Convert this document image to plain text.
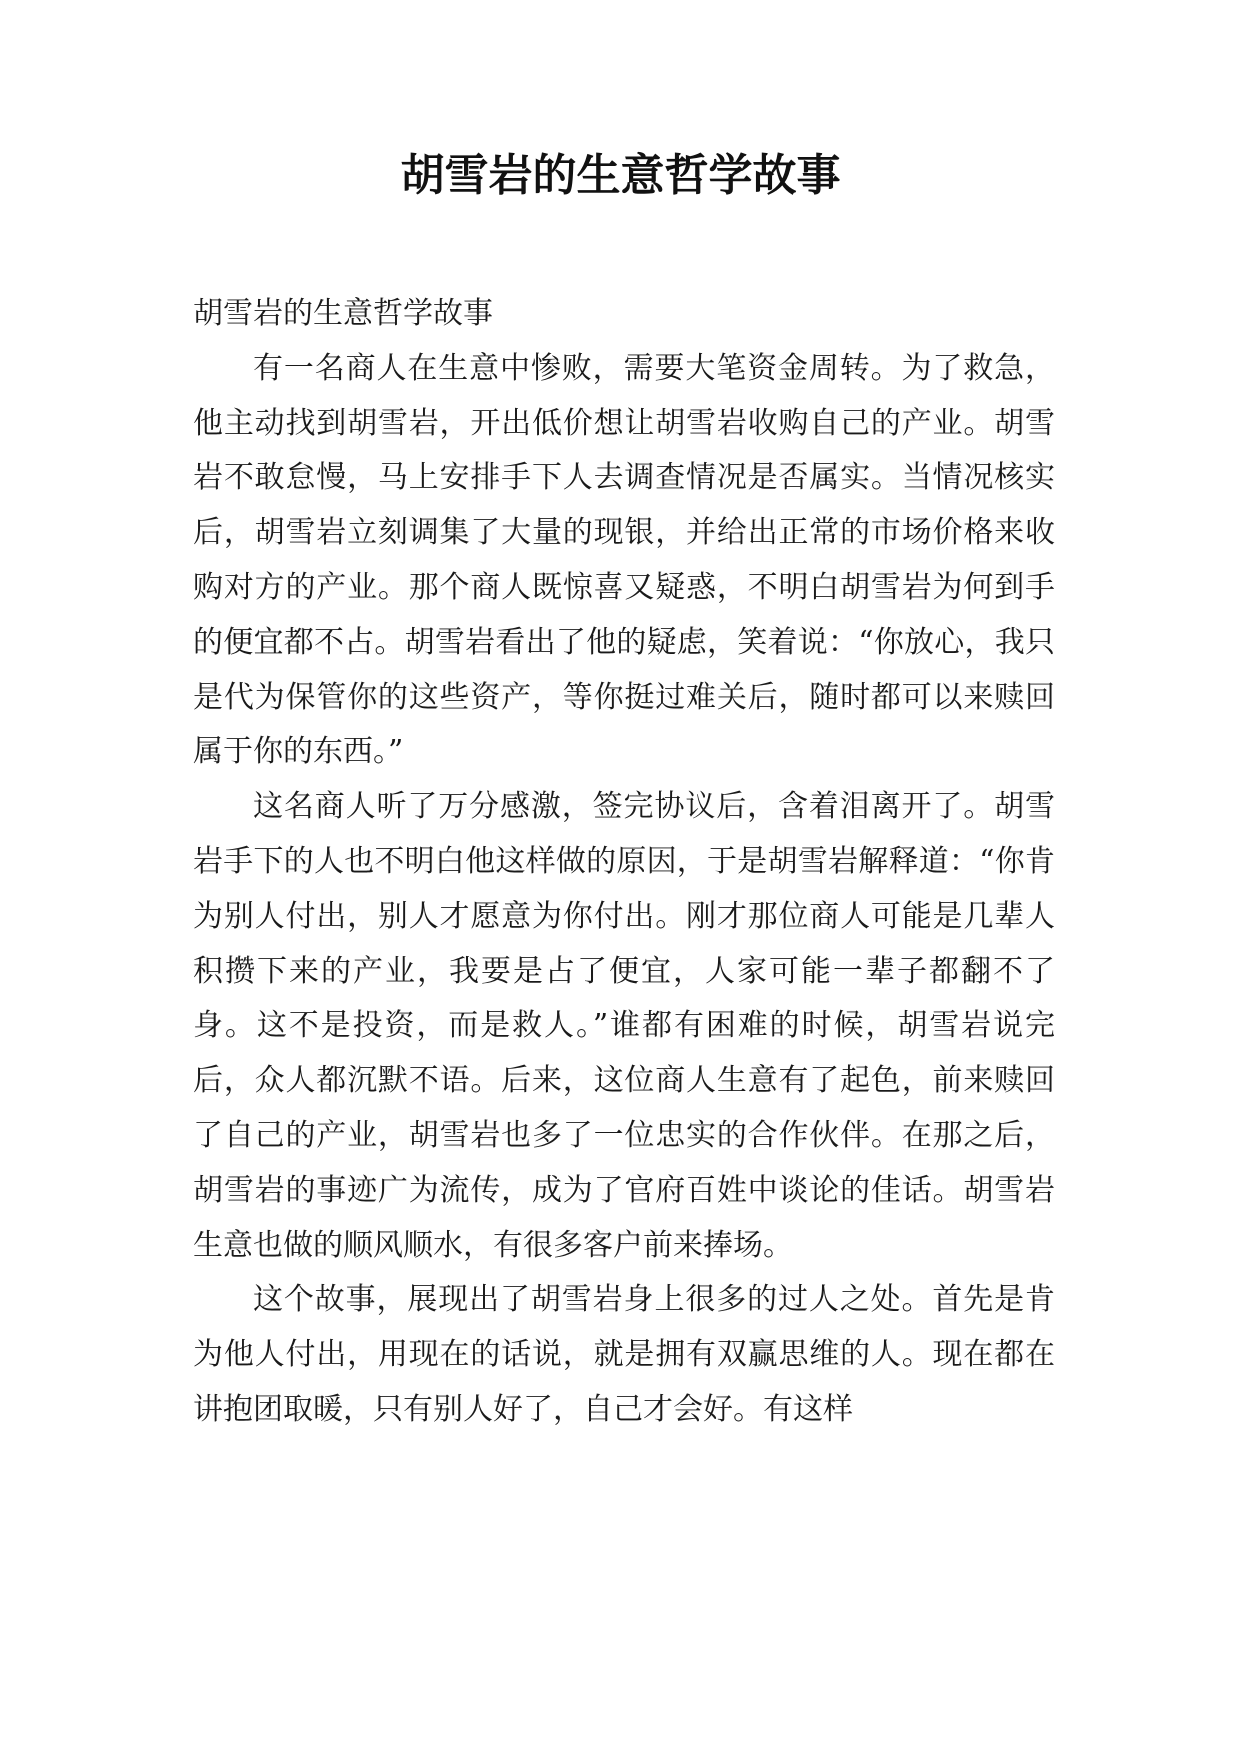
胡雪岩的生意哲学故事

胡雪岩的生意哲学故事

有一名商人在生意中惨败，需要大笔资金周转。为了救急，他主动找到胡雪岩，开出低价想让胡雪岩收购自己的产业。胡雪岩不敢怠慢，马上安排手下人去调查情况是否属实。当情况核实后，胡雪岩立刻调集了大量的现银，并给出正常的市场价格来收购对方的产业。那个商人既惊喜又疑惑，不明白胡雪岩为何到手的便宜都不占。胡雪岩看出了他的疑虑，笑着说：“你放心，我只是代为保管你的这些资产，等你挺过难关后，随时都可以来赎回属于你的东西。”

这名商人听了万分感激，签完协议后，含着泪离开了。胡雪岩手下的人也不明白他这样做的原因，于是胡雪岩解释道：“你肯为别人付出，别人才愿意为你付出。刚才那位商人可能是几辈人积攒下来的产业，我要是占了便宜，人家可能一辈子都翻不了身。这不是投资，而是救人。”谁都有困难的时候，胡雪岩说完后，众人都沉默不语。后来，这位商人生意有了起色，前来赎回了自己的产业，胡雪岩也多了一位忠实的合作伙伴。在那之后，胡雪岩的事迹广为流传，成为了官府百姓中谈论的佳话。胡雪岩生意也做的顺风顺水，有很多客户前来捧场。

这个故事，展现出了胡雪岩身上很多的过人之处。首先是肯为他人付出，用现在的话说，就是拥有双赢思维的人。现在都在讲抱团取暖，只有别人好了，自己才会好。有这样
